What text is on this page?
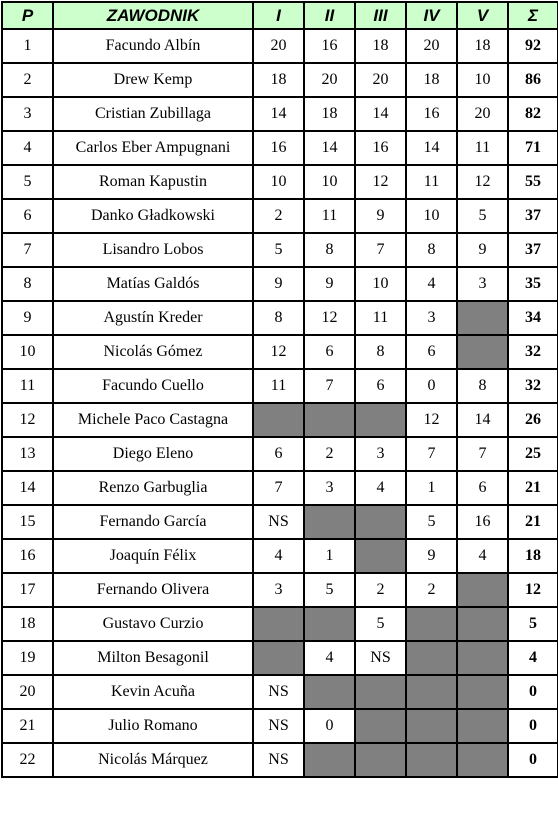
P	ZAWODNIK	I	II	III	IV	V	Σ
1	Facundo Albín	20	16	18	20	18	92
2	Drew Kemp	18	20	20	18	10	86
3	Cristian Zubillaga	14	18	14	16	20	82
4	Carlos Eber Ampugnani	16	14	16	14	11	71
5	Roman Kapustin	10	10	12	11	12	55
6	Danko Gładkowski	2	11	9	10	5	37
7	Lisandro Lobos	5	8	7	8	9	37
8	Matías Galdós	9	9	10	4	3	35
9	Agustín Kreder	8	12	11	3		34
10	Nicolás Gómez	12	6	8	6		32
11	Facundo Cuello	11	7	6	0	8	32
12	Michele Paco Castagna				12	14	26
13	Diego Eleno	6	2	3	7	7	25
14	Renzo Garbuglia	7	3	4	1	6	21
15	Fernando García	NS			5	16	21
16	Joaquín Félix	4	1		9	4	18
17	Fernando Olivera	3	5	2	2		12
18	Gustavo Curzio			5			5
19	Milton Besagonil		4	NS			4
20	Kevin Acuña	NS					0
21	Julio Romano	NS	0				0
22	Nicolás Márquez	NS					0
